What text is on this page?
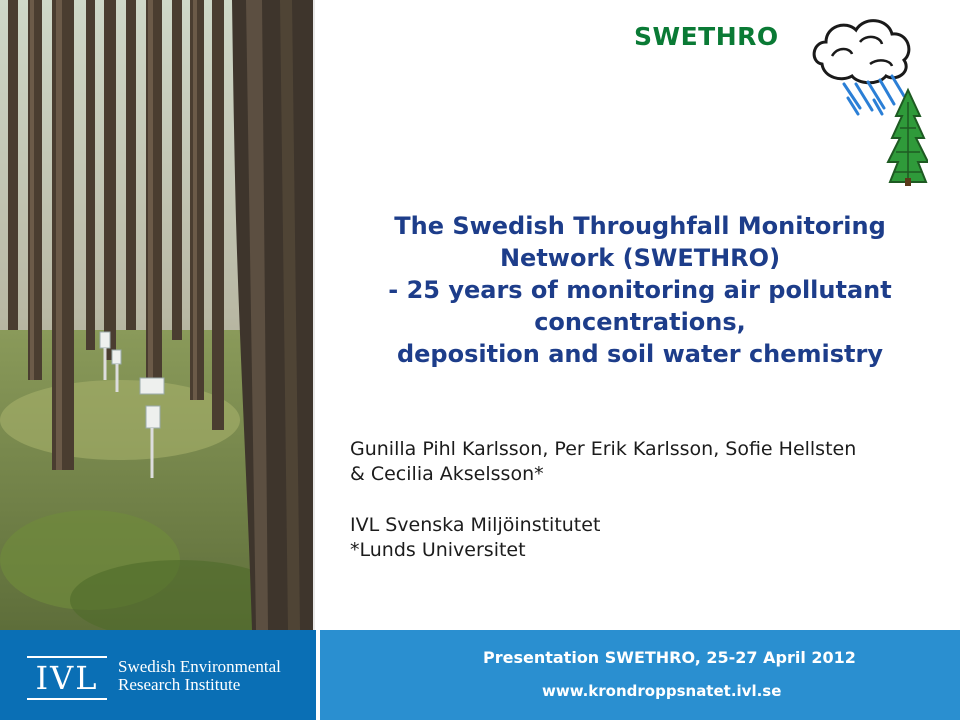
SWETHRO
The Swedish Throughfall Monitoring
Network (SWETHRO)
- 25 years of monitoring air pollutant
concentrations,
deposition and soil water chemistry
Gunilla Pihl Karlsson, Per Erik Karlsson, Sofie Hellsten
& Cecilia Akselsson*
IVL Svenska Miljöinstitutet
*Lunds Universitet
IVL	Swedish Environmental
Research Institute
Presentation SWETHRO, 25-27 April 2012
www.krondroppsnatet.ivl.se
